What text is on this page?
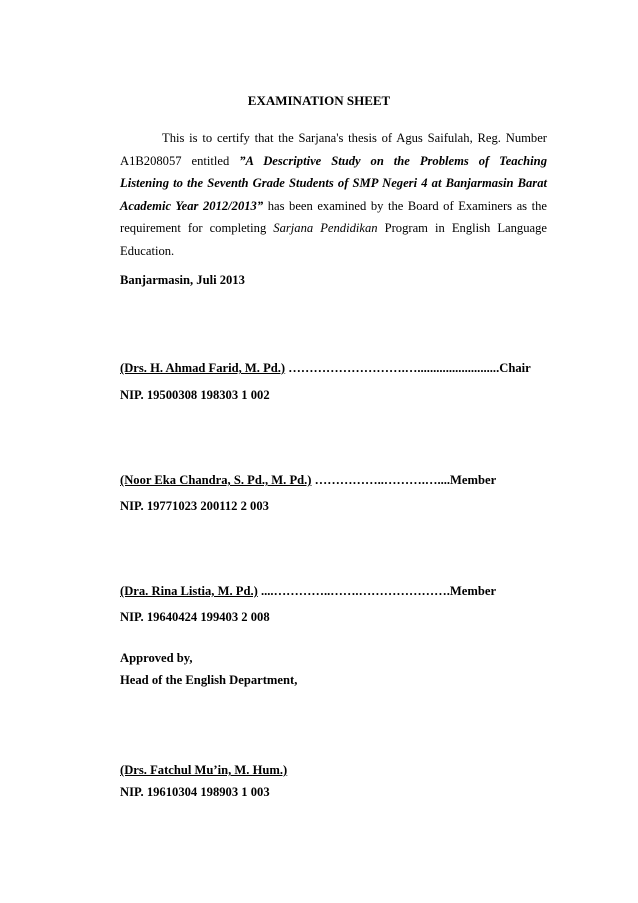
EXAMINATION SHEET
This is to certify that the Sarjana's thesis of Agus Saifulah, Reg. Number
A1B208057 entitled ”A Descriptive Study on the Problems of Teaching
Listening to the Seventh Grade Students of SMP Negeri 4 at Banjarmasin Barat
Academic Year 2012/2013” has been examined by the Board of Examiners as the
requirement for completing Sarjana Pendidikan Program in English Language
Education.
Banjarmasin, Juli 2013
(Drs. H. Ahmad Farid, M. Pd.) ……………………….…..........................Chair
NIP. 19500308 198303 1 002
(Noor Eka Chandra, S. Pd., M. Pd.) ……………..……….…....Member
NIP. 19771023 200112 2 003
(Dra. Rina Listia, M. Pd.) ....…………..…….………………….Member
NIP. 19640424 199403 2 008
Approved by,
Head of the English Department,
(Drs. Fatchul Mu’in, M. Hum.)
NIP. 19610304 198903 1 003
